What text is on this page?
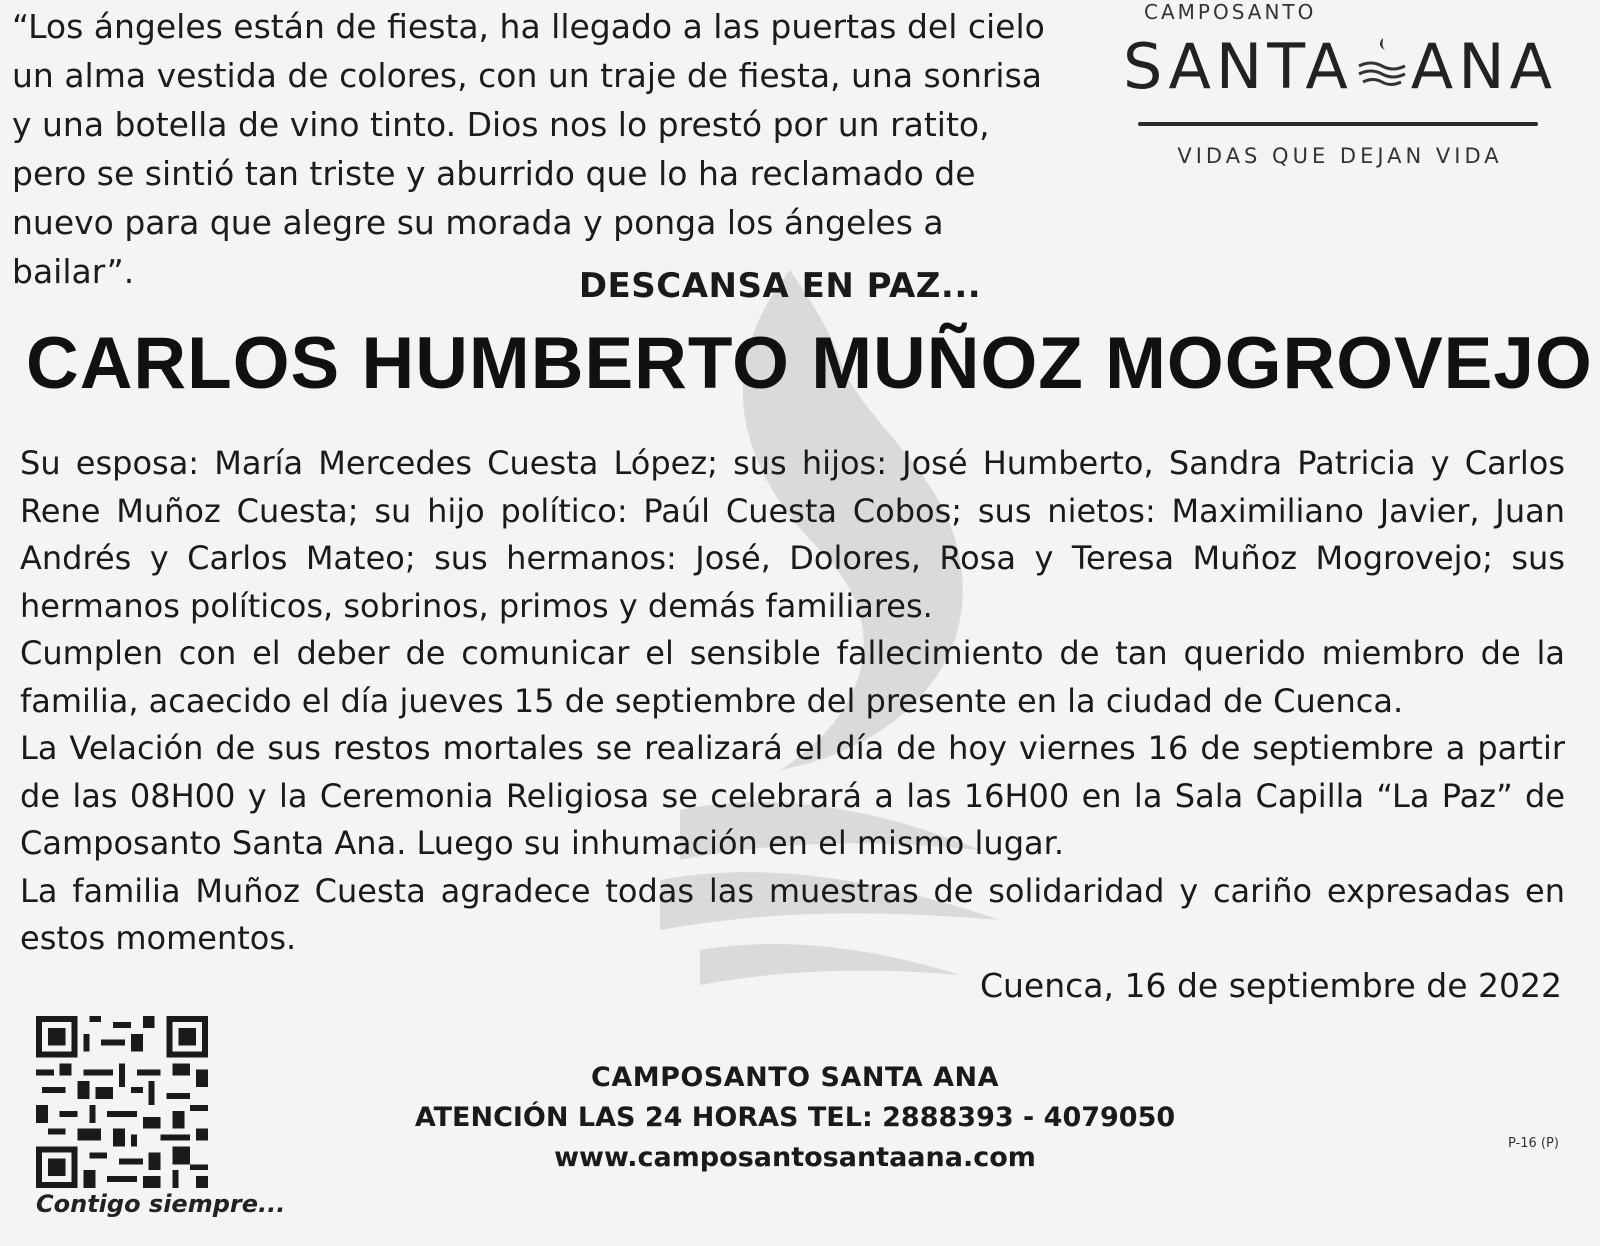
“Los ángeles están de fiesta, ha llegado a las puertas del cielo un alma vestida de colores, con un traje de fiesta, una sonrisa y una botella de vino tinto. Dios nos lo prestó por un ratito, pero se sintió tan triste y aburrido que lo ha reclamado de nuevo para que alegre su morada y ponga los ángeles a bailar”.

CAMPOSANTO
SANTA ANA
VIDAS QUE DEJAN VIDA
DESCANSA EN PAZ...
CARLOS HUMBERTO MUÑOZ MOGROVEJO

Su esposa: María Mercedes Cuesta López; sus hijos: José Humberto, Sandra Patricia y Carlos Rene Muñoz Cuesta; su hijo político: Paúl Cuesta Cobos; sus nietos: Maximiliano Javier, Juan Andrés y Carlos Mateo; sus hermanos: José, Dolores, Rosa y Teresa Muñoz Mogrovejo; sus hermanos políticos, sobrinos, primos y demás familiares.

Cumplen con el deber de comunicar el sensible fallecimiento de tan querido miembro de la familia, acaecido el día jueves 15 de septiembre del presente en la ciudad de Cuenca.

La Velación de sus restos mortales se realizará el día de hoy viernes 16 de septiembre a partir de las 08H00 y la Ceremonia Religiosa se celebrará a las 16H00 en la Sala Capilla “La Paz” de Camposanto Santa Ana. Luego su inhumación en el mismo lugar.

La familia Muñoz Cuesta agradece todas las muestras de solidaridad y cariño expresadas en estos momentos.

Cuenca, 16 de septiembre de 2022
Contigo siempre...
CAMPOSANTO SANTA ANA
ATENCIÓN LAS 24 HORAS TEL: 2888393 - 4079050
www.camposantosantaana.com	P-16 (P)
